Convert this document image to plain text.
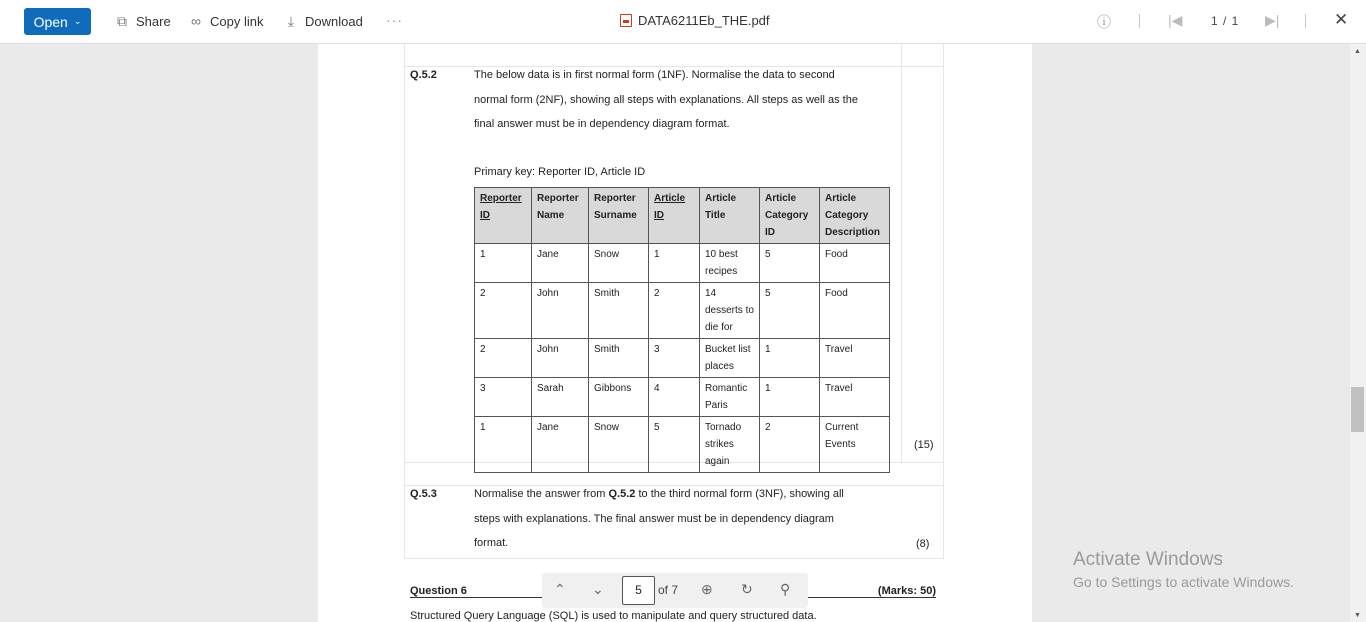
Open ⌄	⧉ Share ∞ Copy link	⤓ Download ···	DATA6211Eb_THE.pdf	ⓘ	|◀ 1 / 1 ▶|	✕
Q.5.2	The below data is in first normal form (1NF). Normalise the data to second
normal form (2NF), showing all steps with explanations. All steps as well as the
final answer must be in dependency diagram format.
Primary key: Reporter ID, Article ID
Reporter ID	Reporter Name	Reporter Surname	Article ID	Article Title	Article Category ID	Article Category Description
1	Jane	Snow	1	10 best recipes	5	Food
2	John	Smith	2	14 desserts to die for	5	Food
2	John	Smith	3	Bucket list places	1	Travel
3	Sarah	Gibbons	4	Romantic Paris	1	Travel
1	Jane	Snow	5	Tornado strikes again	2	Current Events	(15)
Q.5.3	Normalise the answer from Q.5.2 to the third normal form (3NF), showing all
steps with explanations. The final answer must be in dependency diagram
format.	(8)
Question 6	(Marks: 50)
Structured Query Language (SQL) is used to manipulate and query structured data.
⌃ ⌄	5	of 7 ⊕ ↻ ⚲
▲
▼
Activate Windows
Go to Settings to activate Windows.
